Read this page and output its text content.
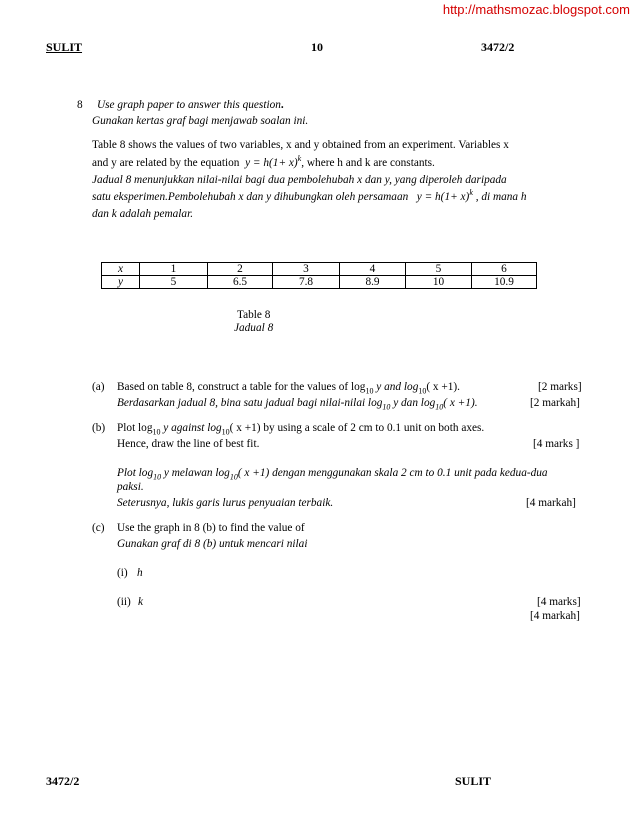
http://mathsmozac.blogspot.com
SULIT	10	3472/2
8 Use graph paper to answer this question.
Gunakan kertas graf bagi menjawab soalan ini.
Table 8 shows the values of two variables, x and y obtained from an experiment. Variables x
and y are related by the equation $y = h(1+ x)^k$, where h and k are constants.
Jadual 8 menunjukkan nilai-nilai bagi dua pembolehubah x dan y, yang diperoleh daripada
satu eksperimen.Pembolehubah x dan y dihubungkan oleh persamaan $y = h(1+ x)^k$ , di mana h
dan k adalah pemalar.
x	1	2	3	4	5	6
y	5	6.5	7.8	8.9	10	10.9
Table 8
Jadual 8
(a) Based on table 8, construct a table for the values of $\log_{10} y$ and $\log_{10}$( x +1).	[2 marks]
Berdasarkan jadual 8, bina satu jadual bagi nilai-nilai $\log_{10} y$ dan $\log_{10}$( x +1).	[2 markah]
(b) Plot $\log_{10} y$ against $\log_{10}$( x +1) by using a scale of 2 cm to 0.1 unit on both axes.
Hence, draw the line of best fit.	[4 marks ]
Plot $\log_{10} y$ melawan $\log_{10}$( x +1) dengan menggunakan skala 2 cm to 0.1 unit pada kedua-dua
paksi.
Seterusnya, lukis garis lurus penyuaian terbaik.	[4 markah]
(c) Use the graph in 8 (b) to find the value of
Gunakan graf di 8 (b) untuk mencari nilai
(i) h
(ii) k	[4 marks]
[4 markah]
3472/2	SULIT
